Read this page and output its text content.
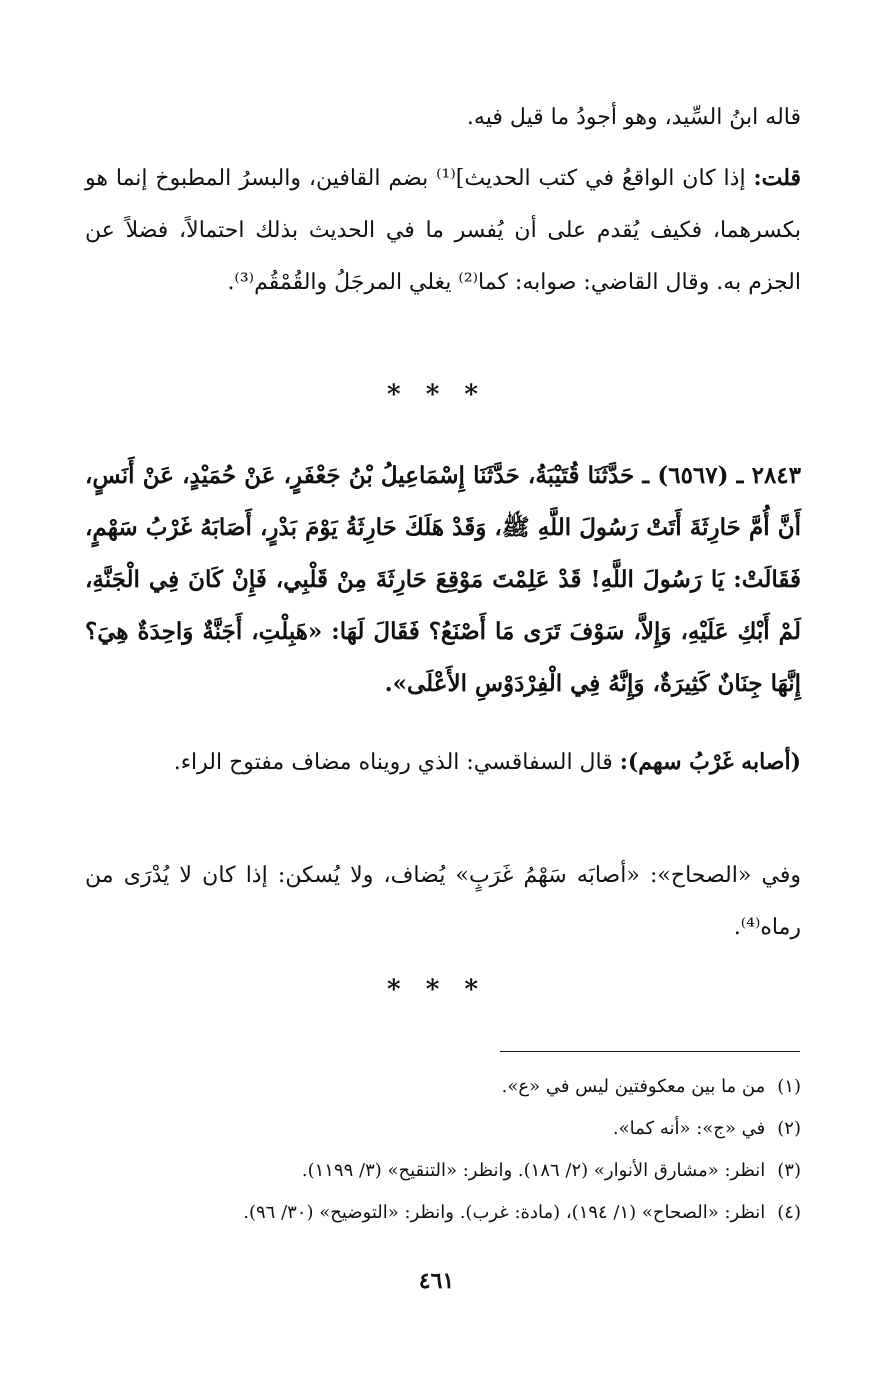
قاله ابنُ السِّيد، وهو أجودُ ما قيل فيه.

قلت: إذا كان الواقعُ في كتب الحديث]⁽¹⁾ بضم القافين، والبسرُ المطبوخ إنما هو بكسرهما، فكيف يُقدم على أن يُفسر ما في الحديث بذلك احتمالاً، فضلاً عن الجزم به. وقال القاضي: صوابه: كما⁽²⁾ يغلي المرجَلُ والقُمْقُم⁽³⁾.

* * *

٢٨٤٣ ـ (٦٥٦٧) ـ حَدَّثَنَا قُتَيْبَةُ، حَدَّثَنَا إِسْمَاعِيلُ بْنُ جَعْفَرٍ، عَنْ حُمَيْدٍ، عَنْ أَنَسٍ، أَنَّ أُمَّ حَارِثَةَ أَتَتْ رَسُولَ اللَّهِ ﷺ، وَقَدْ هَلَكَ حَارِثَةُ يَوْمَ بَدْرٍ، أَصَابَهُ غَرْبُ سَهْمٍ، فَقَالَتْ: يَا رَسُولَ اللَّهِ! قَدْ عَلِمْتَ مَوْقِعَ حَارِثَةَ مِنْ قَلْبِي، فَإِنْ كَانَ فِي الْجَنَّةِ، لَمْ أَبْكِ عَلَيْهِ، وَإِلاَّ، سَوْفَ تَرَى مَا أَصْنَعُ؟ فَقَالَ لَهَا: «هَبِلْتِ، أَجَنَّةٌ وَاحِدَةٌ هِيَ؟ إِنَّهَا جِنَانٌ كَثِيرَةٌ، وَإِنَّهُ فِي الْفِرْدَوْسِ الأَعْلَى».

(أصابه غَرْبُ سهم): قال السفاقسي: الذي رويناه مضاف مفتوح الراء.

وفي «الصحاح»: «أصابَه سَهْمُ غَرَبٍ» يُضاف، ولا يُسكن: إذا كان لا يُدْرَى من رماه⁽⁴⁾.

* * *

(١)من ما بين معكوفتين ليس في «ع».

(٢)في «ج»: «أنه كما».

(٣)انظر: «مشارق الأنوار» (٢/ ١٨٦). وانظر: «التنقيح» (٣/ ١١٩٩).

(٤)انظر: «الصحاح» (١/ ١٩٤)، (مادة: غرب). وانظر: «التوضيح» (٣٠/ ٩٦).

٤٦١
